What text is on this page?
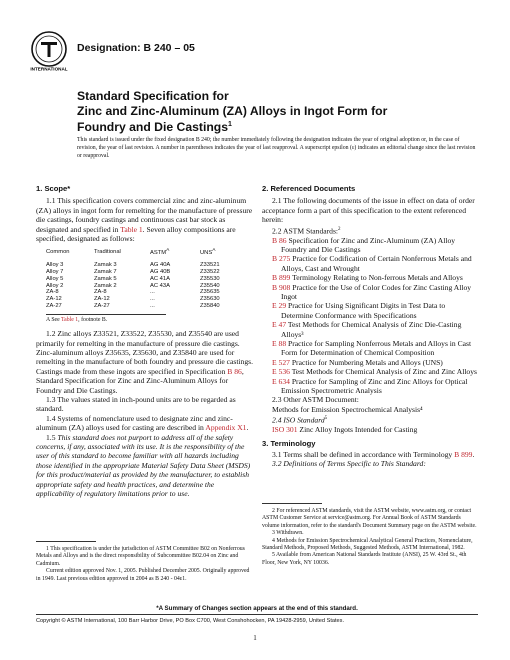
INTERNATIONAL
Designation: B 240 – 05
Standard Specification for
Zinc and Zinc-Aluminum (ZA) Alloys in Ingot Form for
Foundry and Die Castings$^1$
This standard is issued under the fixed designation B 240; the number immediately following the designation indicates the year of original adoption or, in the case of revision, the year of last revision. A number in parentheses indicates the year of last reapproval. A superscript epsilon (ε) indicates an editorial change since the last revision or reapproval.

1. Scope*

1.1 This specification covers commercial zinc and zinc-aluminum (ZA) alloys in ingot form for remelting for the manufacture of pressure die castings, foundry castings and continuous cast bar stock as designated and specified in Table 1. Seven alloy compositions are specified, designated as follows:

Common	Traditional	$ASTM^A$	$UNS^A$

Alloy 3	Zamak 3	AG 40A	Z33521
Alloy 7	Zamak 7	AG 40B	Z33522
Alloy 5	Zamak 5	AC 41A	Z35530
Alloy 2	Zamak 2	AC 43A	Z35540
ZA-8	ZA-8	...	Z35635
ZA-12	ZA-12	...	Z35630
ZA-27	ZA-27	...	Z35840

A See Table 1, footnote B.

1.2 Zinc alloys Z33521, Z33522, Z35530, and Z35540 are used primarily for remelting in the manufacture of pressure die castings. Zinc-aluminum alloys Z35635, Z35630, and Z35840 are used for remelting in the manufacture of both foundry and pressure die castings. Castings made from these ingots are specified in Specification B 86, Standard Specification for Zinc and Zinc-Aluminum Alloys for Foundry and Die Castings.

1.3 The values stated in inch-pound units are to be regarded as standard.

1.4 Systems of nomenclature used to designate zinc and zinc-aluminum (ZA) alloys used for casting are described in Appendix X1.

1.5 This standard does not purport to address all of the safety concerns, if any, associated with its use. It is the responsibility of the user of this standard to become familiar with all hazards including those identified in the appropriate Material Safety Data Sheet (MSDS) for this product/material as provided by the manufacturer, to establish appropriate safety and health practices, and determine the applicability of regulatory limitations prior to use.

1 This specification is under the jurisdiction of ASTM Committee B02 on Nonferrous Metals and Alloys and is the direct responsibility of Subcommittee B02.04 on Zinc and Cadmium.

Current edition approved Nov. 1, 2005. Published December 2005. Originally approved in 1949. Last previous edition approved in 2004 as B 240 - 04ε1.

2. Referenced Documents

2.1 The following documents of the issue in effect on data of order acceptance form a part of this specification to the extent referenced herein:

2.2 ASTM Standards:$^2$

B 86 Specification for Zinc and Zinc-Aluminum (ZA) Alloy Foundry and Die Castings

B 275 Practice for Codification of Certain Nonferrous Metals and Alloys, Cast and Wrought

B 899 Terminology Relating to Non-ferrous Metals and Alloys

B 908 Practice for the Use of Color Codes for Zinc Casting Alloy Ingot

E 29 Practice for Using Significant Digits in Test Data to Determine Conformance with Specifications

E 47 Test Methods for Chemical Analysis of Zinc Die-Casting Alloys³

E 88 Practice for Sampling Nonferrous Metals and Alloys in Cast Form for Determination of Chemical Composition

E 527 Practice for Numbering Metals and Alloys (UNS)

E 536 Test Methods for Chemical Analysis of Zinc and Zinc Alloys

E 634 Practice for Sampling of Zinc and Zinc Alloys for Optical Emission Spectrometric Analysis

2.3 Other ASTM Document:

Methods for Emission Spectrochemical Analysis⁴

2.4 ISO Standard$^5$

ISO 301 Zinc Alloy Ingots Intended for Casting

3. Terminology

3.1 Terms shall be defined in accordance with Terminology B 899.

3.2 Definitions of Terms Specific to This Standard:

2 For referenced ASTM standards, visit the ASTM website, www.astm.org, or contact ASTM Customer Service at service@astm.org. For Annual Book of ASTM Standards volume information, refer to the standard's Document Summary page on the ASTM website.

3 Withdrawn.

4 Methods for Emission Spectrochemical Analytical General Practices, Nomenclature, Standard Methods, Proposed Methods, Suggested Methods, ASTM International, 1982.

5 Available from American National Standards Institute (ANSI), 25 W. 43rd St., 4th Floor, New York, NY 10036.

*A Summary of Changes section appears at the end of this standard.
Copyright © ASTM International, 100 Barr Harbor Drive, PO Box C700, West Conshohocken, PA 19428-2959, United States.
1
